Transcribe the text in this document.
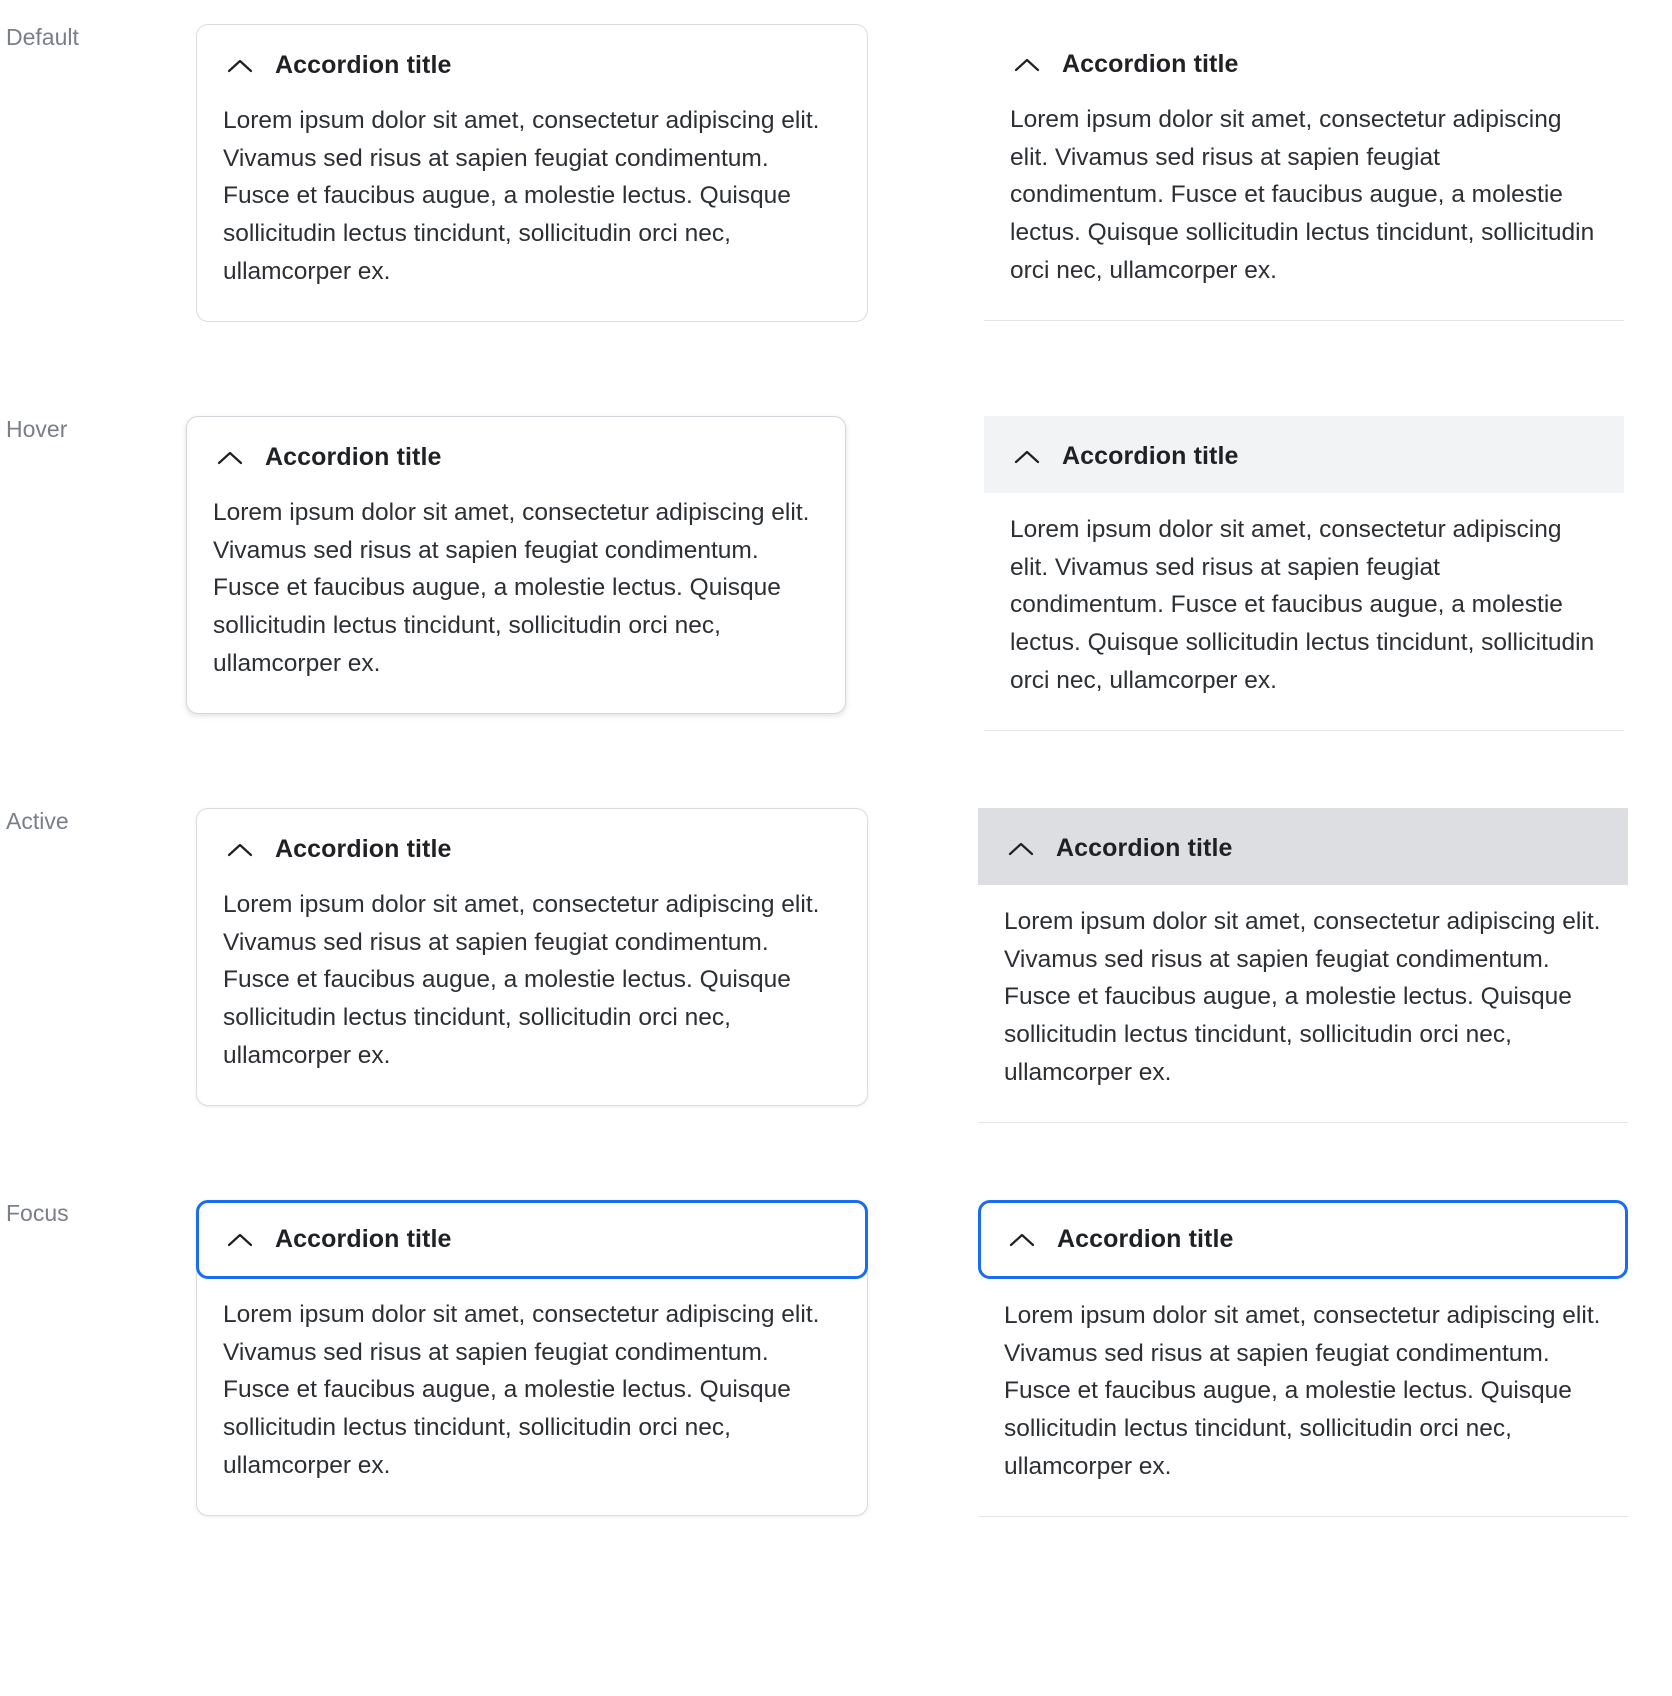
Default
Accordion title
Lorem ipsum dolor sit amet, consectetur adipiscing elit. Vivamus sed risus at sapien feugiat condimentum. Fusce et faucibus augue, a molestie lectus. Quisque sollicitudin lectus tincidunt, sollicitudin orci nec, ullamcorper ex.
Accordion title
Lorem ipsum dolor sit amet, consectetur adipiscing elit. Vivamus sed risus at sapien feugiat condimentum. Fusce et faucibus augue, a molestie lectus. Quisque sollicitudin lectus tincidunt, sollicitudin orci nec, ullamcorper ex.
Hover
Accordion title
Lorem ipsum dolor sit amet, consectetur adipiscing elit. Vivamus sed risus at sapien feugiat condimentum. Fusce et faucibus augue, a molestie lectus. Quisque sollicitudin lectus tincidunt, sollicitudin orci nec, ullamcorper ex.
Accordion title
Lorem ipsum dolor sit amet, consectetur adipiscing elit. Vivamus sed risus at sapien feugiat condimentum. Fusce et faucibus augue, a molestie lectus. Quisque sollicitudin lectus tincidunt, sollicitudin orci nec, ullamcorper ex.
Active
Accordion title
Lorem ipsum dolor sit amet, consectetur adipiscing elit. Vivamus sed risus at sapien feugiat condimentum. Fusce et faucibus augue, a molestie lectus. Quisque sollicitudin lectus tincidunt, sollicitudin orci nec, ullamcorper ex.
Accordion title
Lorem ipsum dolor sit amet, consectetur adipiscing elit. Vivamus sed risus at sapien feugiat condimentum. Fusce et faucibus augue, a molestie lectus. Quisque sollicitudin lectus tincidunt, sollicitudin orci nec, ullamcorper ex.
Focus
Accordion title
Lorem ipsum dolor sit amet, consectetur adipiscing elit. Vivamus sed risus at sapien feugiat condimentum. Fusce et faucibus augue, a molestie lectus. Quisque sollicitudin lectus tincidunt, sollicitudin orci nec, ullamcorper ex.
Accordion title
Lorem ipsum dolor sit amet, consectetur adipiscing elit. Vivamus sed risus at sapien feugiat condimentum. Fusce et faucibus augue, a molestie lectus. Quisque sollicitudin lectus tincidunt, sollicitudin orci nec, ullamcorper ex.
